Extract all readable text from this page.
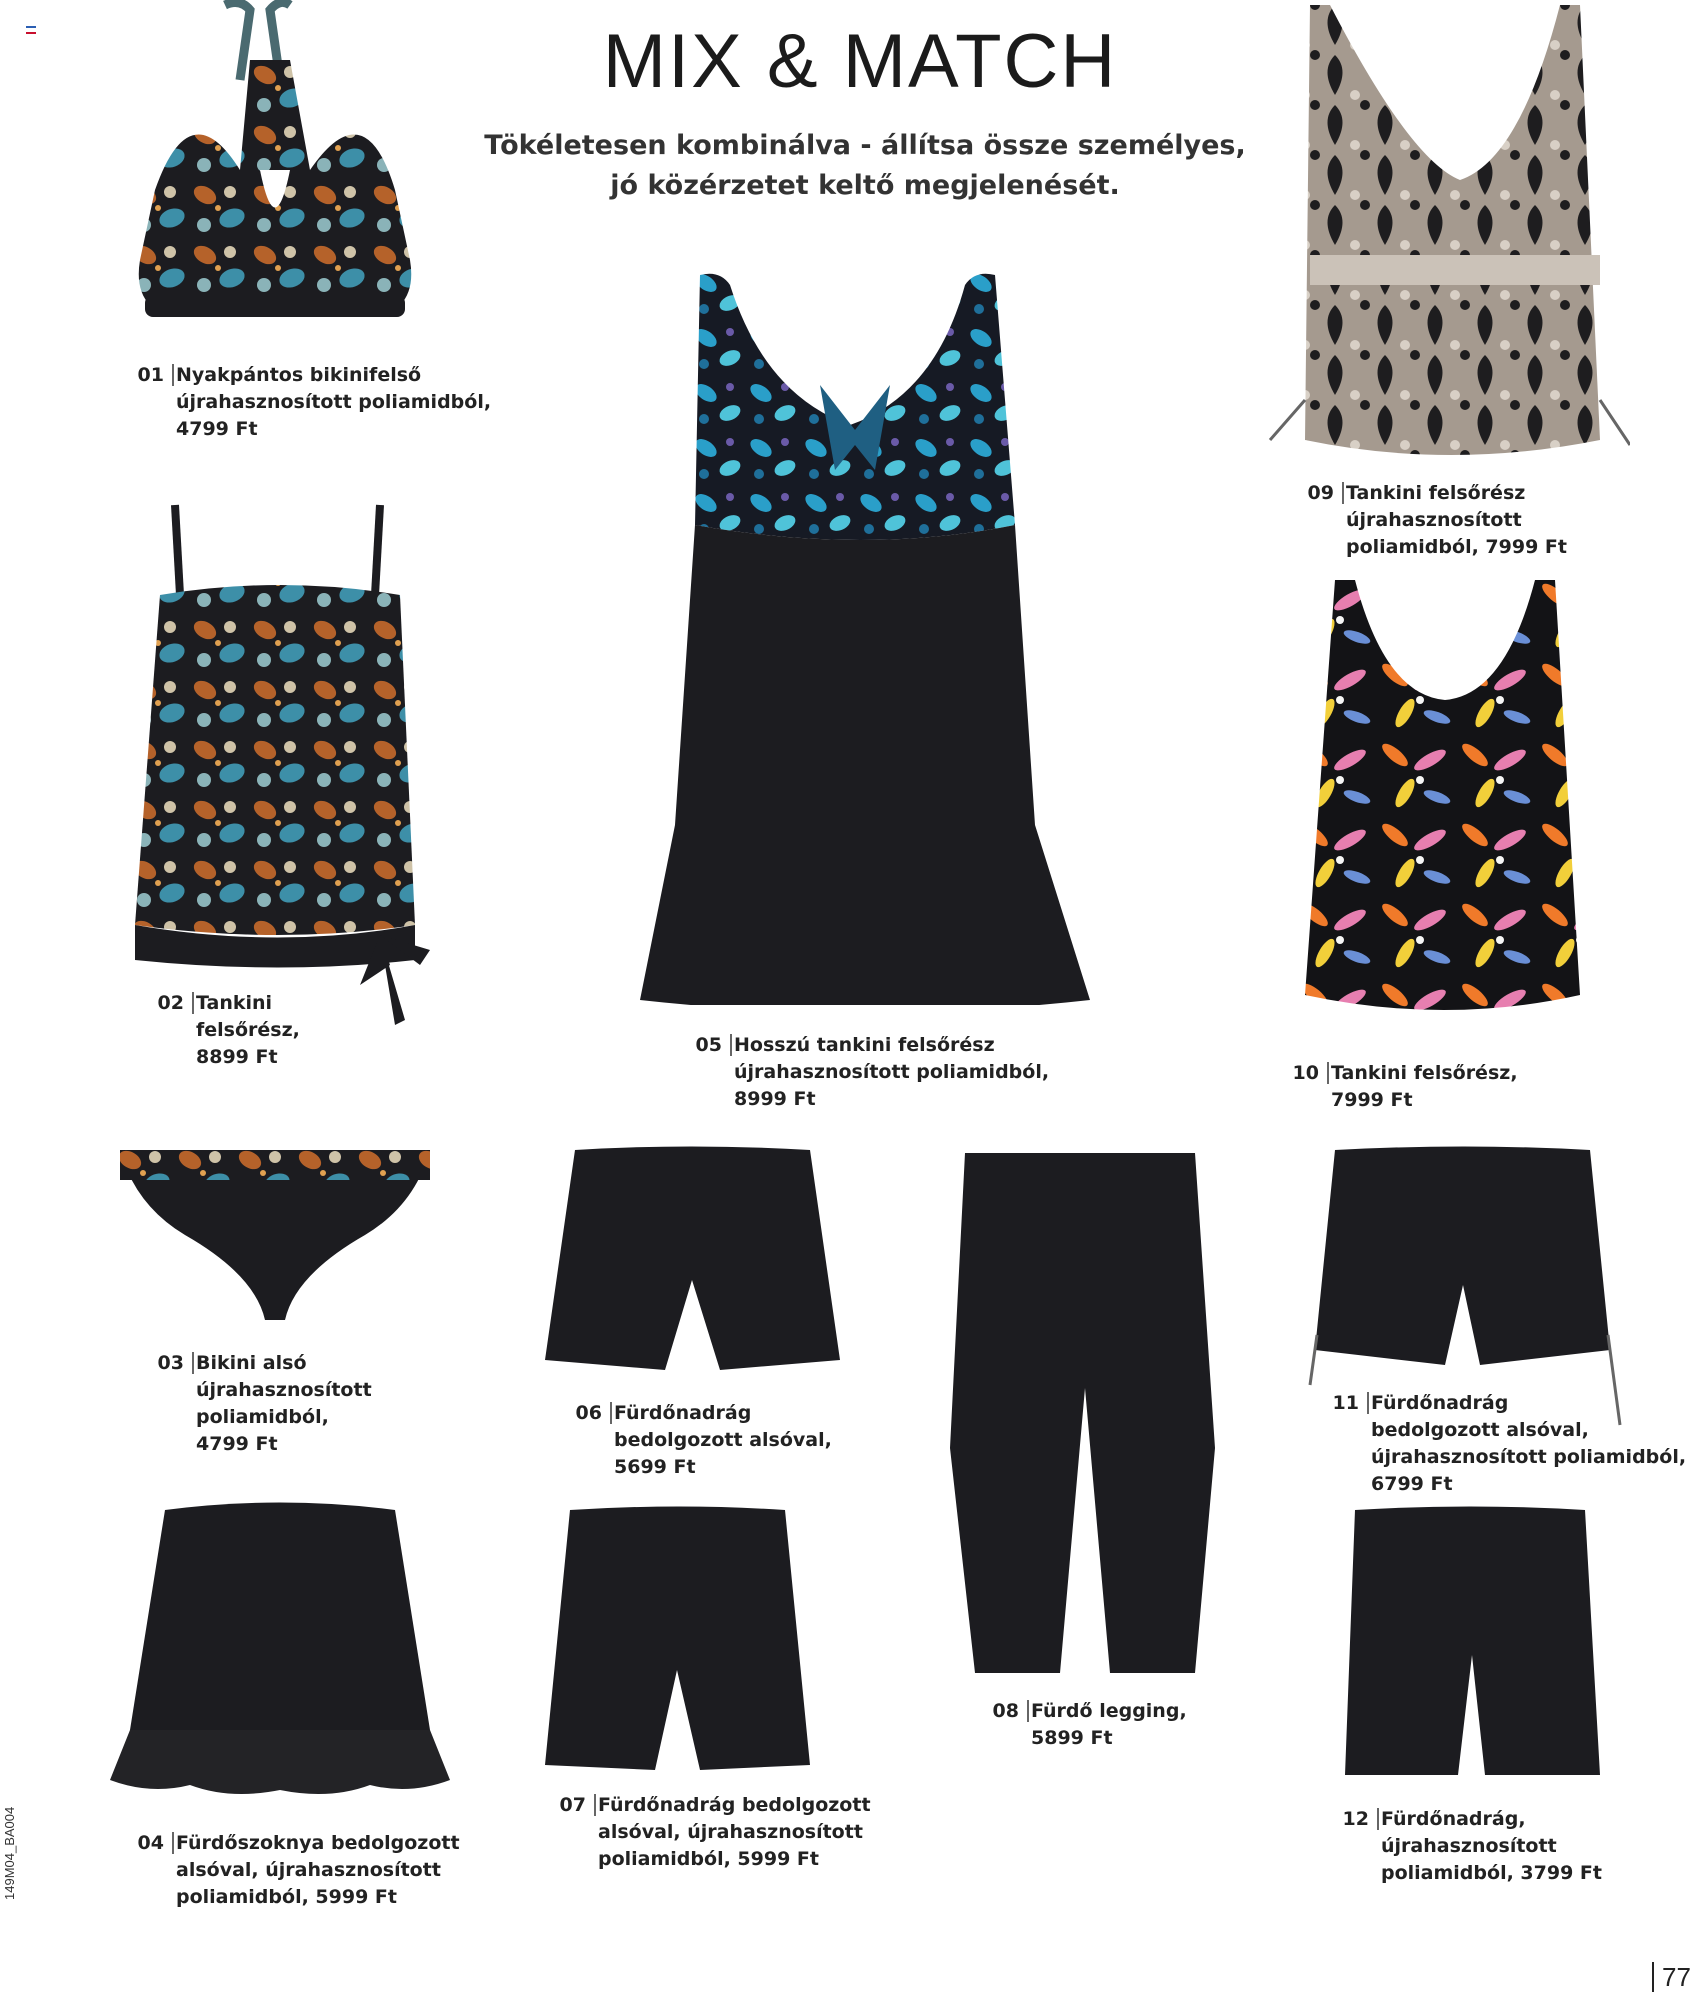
MIX & MATCH

Tökéletesen kombinálva - állítsa össze személyes,
jó közérzetet keltő megjelenését.

01 Nyakpántos bikinifelső
újrahasznosított poliamidból,
4799 Ft
02 Tankini
felsőrész,
8899 Ft
05 Hosszú tankini felsőrész
újrahasznosított poliamidból,
8999 Ft
09 Tankini felsőrész
újrahasznosított
poliamidból, 7999 Ft
10 Tankini felsőrész,
7999 Ft
03 Bikini alsó
újrahasznosított
poliamidból,
4799 Ft
06 Fürdőnadrág
bedolgozott alsóval,
5699 Ft
08 Fürdő legging,
5899 Ft
11 Fürdőnadrág
bedolgozott alsóval,
újrahasznosított poliamidból,
6799 Ft
04 Fürdőszoknya bedolgozott
alsóval, újrahasznosított
poliamidból, 5999 Ft
07 Fürdőnadrág bedolgozott
alsóval, újrahasznosított
poliamidból, 5999 Ft
12 Fürdőnadrág,
újrahasznosított
poliamidból, 3799 Ft
149M04_BA004
77
